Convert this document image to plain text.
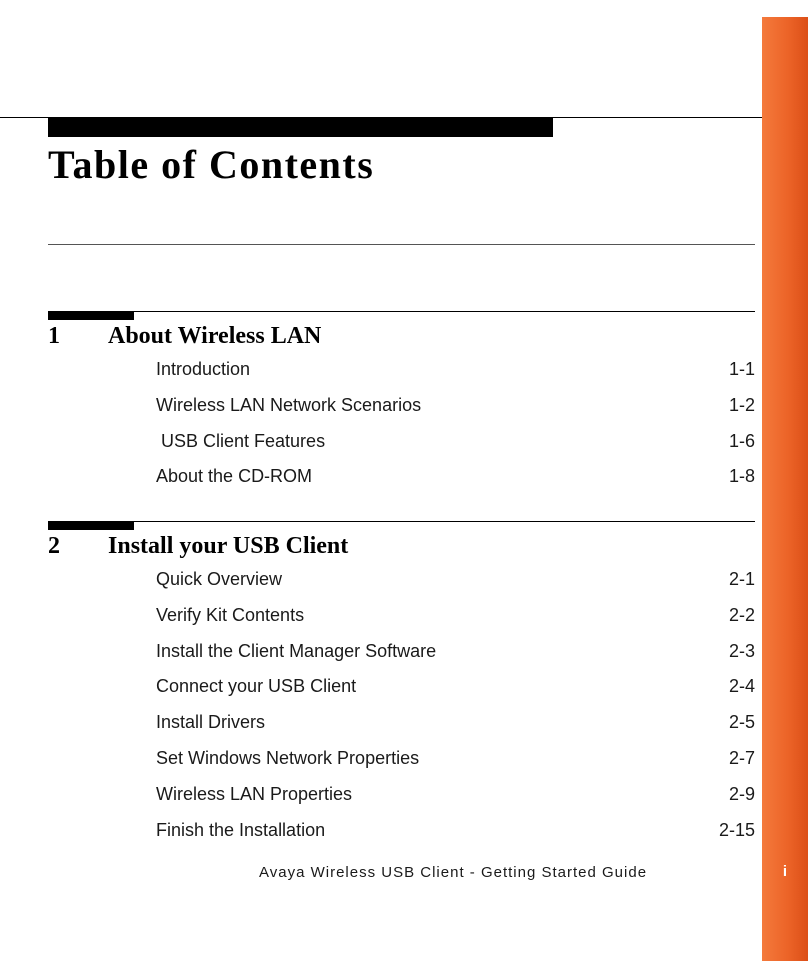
Table of Contents
1 About Wireless LAN
Introduction	1-1
Wireless LAN Network Scenarios	1-2
USB Client Features	1-6
About the CD-ROM	1-8
2 Install your USB Client
Quick Overview	2-1
Verify Kit Contents	2-2
Install the Client Manager Software	2-3
Connect your USB Client	2-4
Install Drivers	2-5
Set Windows Network Properties	2-7
Wireless LAN Properties	2-9
Finish the Installation	2-15
Avaya Wireless USB Client - Getting Started Guide	i
